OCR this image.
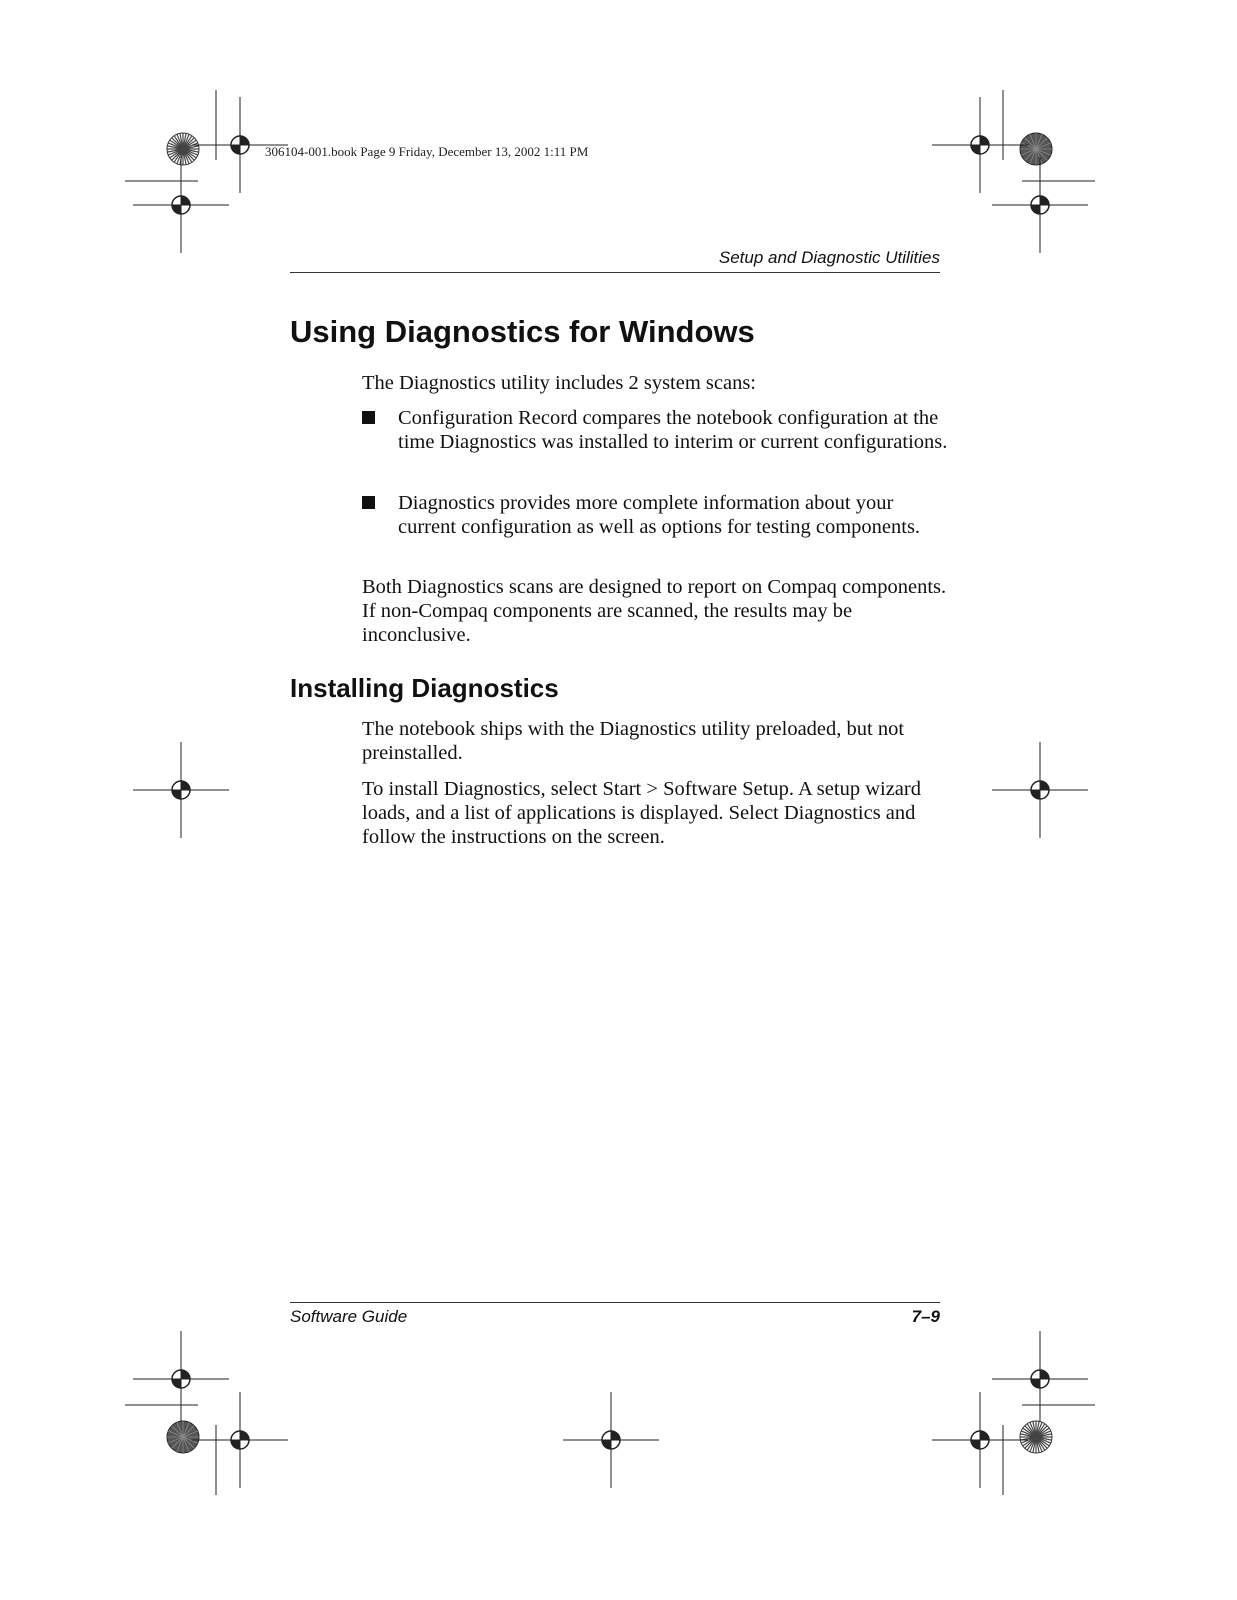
306104-001.book Page 9 Friday, December 13, 2002 1:11 PM
Setup and Diagnostic Utilities
Using Diagnostics for Windows

The Diagnostics utility includes 2 system scans:

Configuration Record compares the notebook configuration at the time Diagnostics was installed to interim or current configurations.
Diagnostics provides more complete information about your current configuration as well as options for testing components.

Both Diagnostics scans are designed to report on Compaq components. If non-Compaq components are scanned, the results may be inconclusive.

Installing Diagnostics

The notebook ships with the Diagnostics utility preloaded, but not preinstalled.

To install Diagnostics, select Start > Software Setup. A setup wizard loads, and a list of applications is displayed. Select Diagnostics and follow the instructions on the screen.

Software Guide	7–9
